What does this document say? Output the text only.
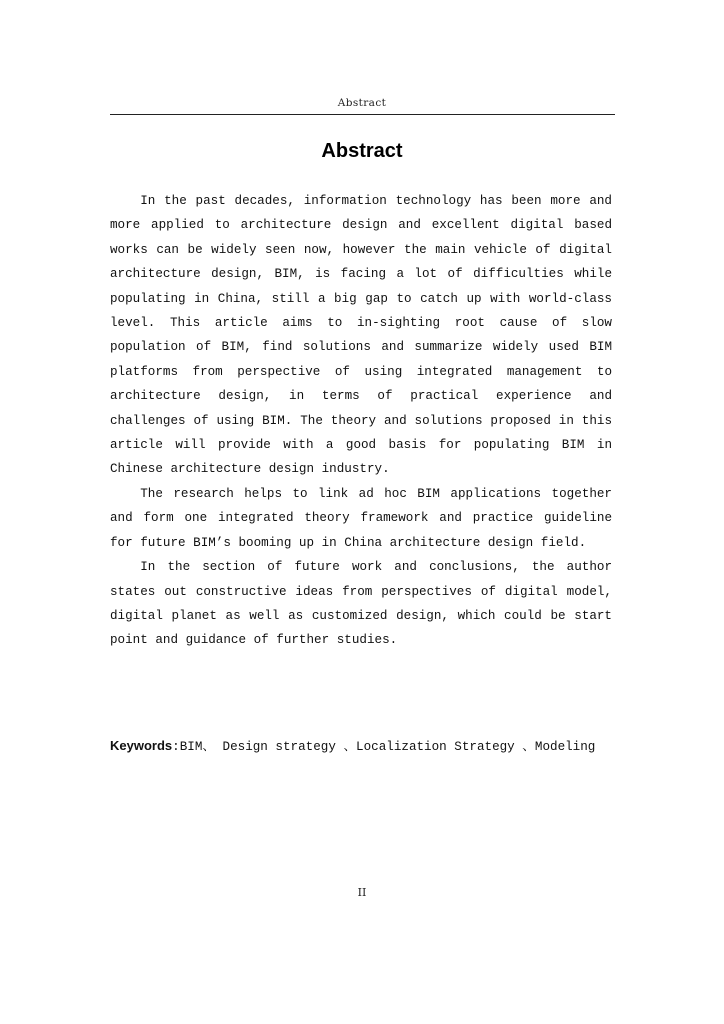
Abstract
Abstract

In the past decades, information technology has been more and more applied to architecture design and excellent digital based works can be widely seen now, however the main vehicle of digital architecture design, BIM, is facing a lot of difficulties while populating in China, still a big gap to catch up with world-class level. This article aims to in-sighting root cause of slow population of BIM, find solutions and summarize widely used BIM platforms from perspective of using integrated management to architecture design, in terms of practical experience and challenges of using BIM. The theory and solutions proposed in this article will provide with a good basis for populating BIM in Chinese architecture design industry.

The research helps to link ad hoc BIM applications together and form one integrated theory framework and practice guideline for future BIM’s booming up in China architecture design field.

In the section of future work and conclusions, the author states out constructive ideas from perspectives of digital model, digital planet as well as customized design, which could be start point and guidance of further studies.

Keywords:BIM、 Design strategy 、Localization Strategy 、Modeling
II
